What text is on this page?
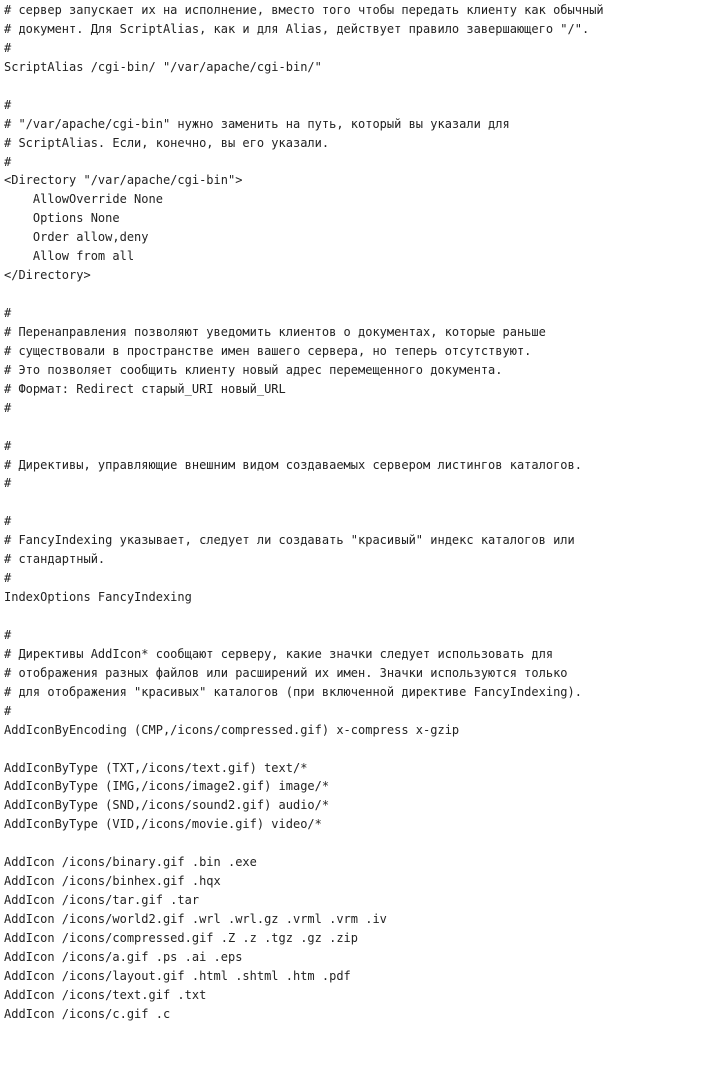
# сервер запускает их на исполнение, вместо того чтобы передать клиенту как обычный
# документ. Для ScriptAlias, как и для Alias, действует правило завершающего "/".
#
ScriptAlias /cgi-bin/ "/var/apache/cgi-bin/"
#
# "/var/apache/cgi-bin" нужно заменить на путь, который вы указали для
# ScriptAlias. Если, конечно, вы его указали.
#
<Directory "/var/apache/cgi-bin">
AllowOverride None
Options None
Order allow,deny
Allow from all
</Directory>
#
# Перенаправления позволяют уведомить клиентов о документах, которые раньше
# существовали в пространстве имен вашего сервера, но теперь отсутствуют.
# Это позволяет сообщить клиенту новый адрес перемещенного документа.
# Формат: Redirect старый_URI новый_URL
#
#
# Директивы, управляющие внешним видом создаваемых сервером листингов каталогов.
#
#
# FancyIndexing указывает, следует ли создавать "красивый" индекс каталогов или
# стандартный.
#
IndexOptions FancyIndexing
#
# Директивы AddIcon* сообщают серверу, какие значки следует использовать для
# отображения разных файлов или расширений их имен. Значки используются только
# для отображения "красивых" каталогов (при включенной директиве FancyIndexing).
#
AddIconByEncoding (CMP,/icons/compressed.gif) x-compress x-gzip
AddIconByType (TXT,/icons/text.gif) text/*
AddIconByType (IMG,/icons/image2.gif) image/*
AddIconByType (SND,/icons/sound2.gif) audio/*
AddIconByType (VID,/icons/movie.gif) video/*
AddIcon /icons/binary.gif .bin .exe
AddIcon /icons/binhex.gif .hqx
AddIcon /icons/tar.gif .tar
AddIcon /icons/world2.gif .wrl .wrl.gz .vrml .vrm .iv
AddIcon /icons/compressed.gif .Z .z .tgz .gz .zip
AddIcon /icons/a.gif .ps .ai .eps
AddIcon /icons/layout.gif .html .shtml .htm .pdf
AddIcon /icons/text.gif .txt
AddIcon /icons/c.gif .c
